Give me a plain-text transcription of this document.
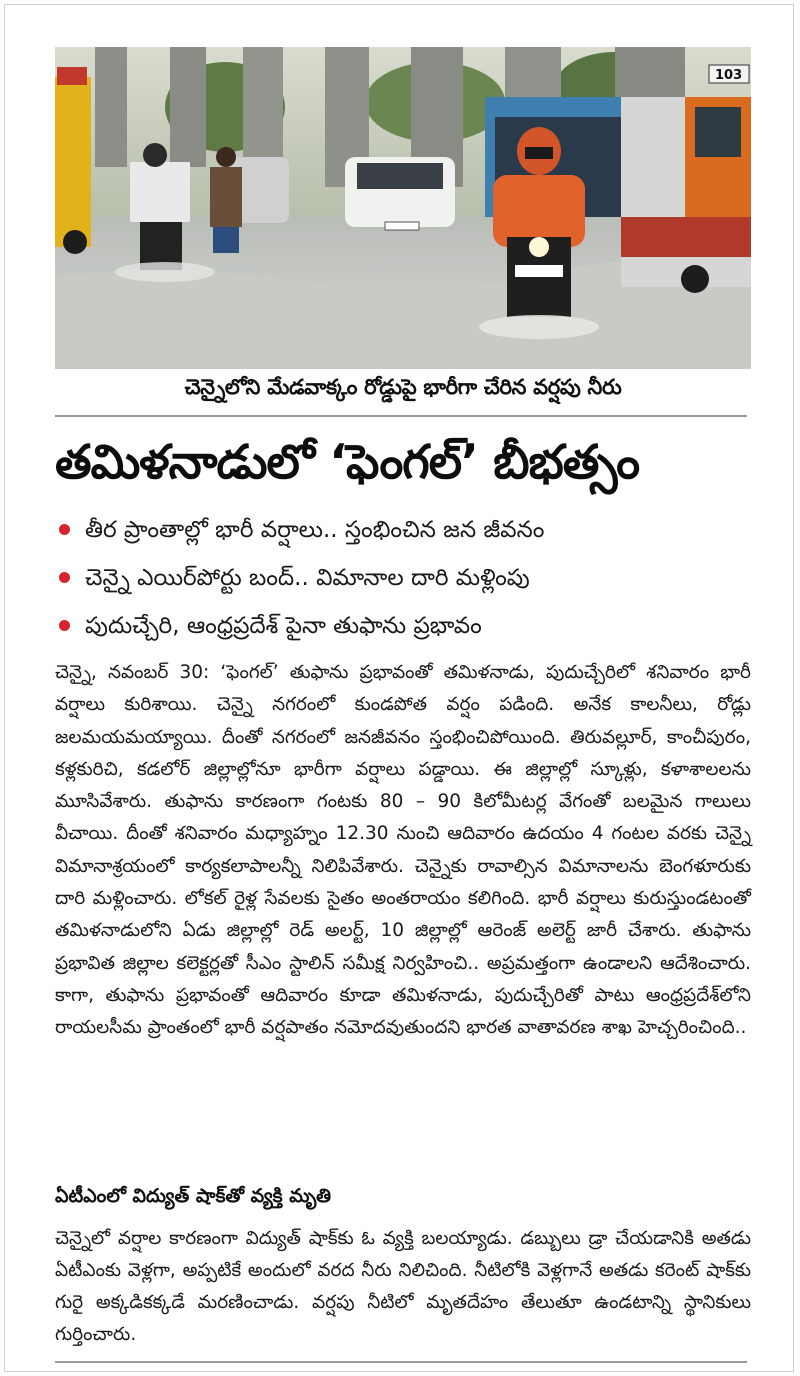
103
చెన్నైలోని మేడవాక్కం రోడ్డుపై భారీగా చేరిన వర్షపు నీరు
తమిళనాడులో ‘ఫెంగల్’ బీభత్సం
తీర ప్రాంతాల్లో భారీ వర్షాలు.. స్తంభించిన జన జీవనం
చెన్నై ఎయిర్‌పోర్టు బంద్.. విమానాల దారి మళ్లింపు
పుదుచ్చేరి, ఆంధ్రప్రదేశ్ పైనా తుఫాను ప్రభావం
చెన్నై, నవంబర్ 30: ‘ఫెంగల్’ తుఫాను ప్రభావంతో తమిళనాడు, పుదుచ్చేరిలో శనివారం భారీ వర్షాలు కురిశాయి. చెన్నై నగరంలో కుండపోత వర్షం పడింది. అనేక కాలనీలు, రోడ్లు జలమయమయ్యాయి. దీంతో నగరంలో జనజీవనం స్తంభించిపోయింది. తిరువల్లూర్, కాంచీపురం, కళ్లకురిచి, కడలోర్ జిల్లాల్లోనూ భారీగా వర్షాలు పడ్డాయి. ఈ జిల్లాల్లో స్కూళ్లు, కళాశాలలను మూసివేశారు. తుఫాను కారణంగా గంటకు 80 – 90 కిలోమీటర్ల వేగంతో బలమైన గాలులు వీచాయి. దీంతో శనివారం మధ్యాహ్నం 12.30 నుంచి ఆదివారం ఉదయం 4 గంటల వరకు చెన్నై విమానాశ్రయంలో కార్యకలాపాలన్నీ నిలిపివేశారు. చెన్నైకు రావాల్సిన విమానాలను బెంగళూరుకు దారి మళ్లించారు. లోకల్ రైళ్ల సేవలకు సైతం అంతరాయం కలిగింది. భారీ వర్షాలు కురుస్తుండటంతో తమిళనాడులోని ఏడు జిల్లాల్లో రెడ్ అలర్ట్, 10 జిల్లాల్లో ఆరెంజ్ అలెర్ట్ జారీ చేశారు. తుఫాను ప్రభావిత జిల్లాల కలెక్టర్లతో సీఎం స్టాలిన్ సమీక్ష నిర్వహించి.. అప్రమత్తంగా ఉండాలని ఆదేశించారు. కాగా, తుఫాను ప్రభావంతో ఆదివారం కూడా తమిళనాడు, పుదుచ్చేరితో పాటు ఆంధ్రప్రదేశ్‌లోని రాయలసీమ ప్రాంతంలో భారీ వర్షపాతం నమోదవుతుందని భారత వాతావరణ శాఖ హెచ్చరించింది..
ఏటీఎంలో విద్యుత్ షాక్‌తో వ్యక్తి మృతి
చెన్నైలో వర్షాల కారణంగా విద్యుత్ షాక్‌కు ఓ వ్యక్తి బలయ్యాడు. డబ్బులు డ్రా చేయడానికి అతడు ఏటీఎంకు వెళ్లగా, అప్పటికే అందులో వరద నీరు నిలిచింది. నీటిలోకి వెళ్లగానే అతడు కరెంట్ షాక్‌కు గురై అక్కడికక్కడే మరణించాడు. వర్షపు నీటిలో మృతదేహం తేలుతూ ఉండటాన్ని స్థానికులు గుర్తించారు.
